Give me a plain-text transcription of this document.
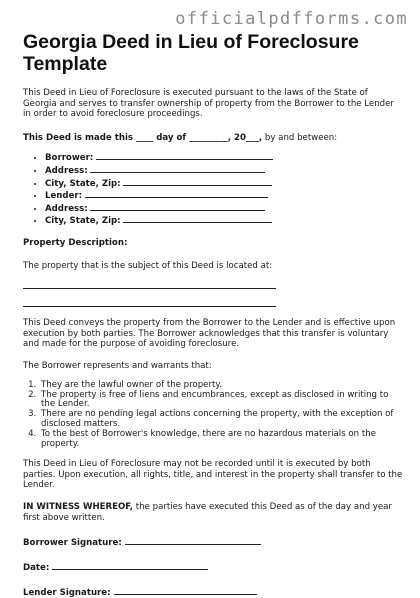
officialpdfforms.com
Georgia Deed in Lieu of Foreclosure Template

This Deed in Lieu of Foreclosure is executed pursuant to the laws of the State of Georgia and serves to transfer ownership of property from the Borrower to the Lender in order to avoid foreclosure proceedings.

This Deed is made this ____ day of _________, 20___, by and between:

• Borrower:
• Address:
• City, State, Zip:
• Lender:
• Address:
• City, State, Zip:

Property Description:

The property that is the subject of this Deed is located at:

This Deed conveys the property from the Borrower to the Lender and is effective upon execution by both parties. The Borrower acknowledges that this transfer is voluntary and made for the purpose of avoiding foreclosure.

The Borrower represents and warrants that:

1. They are the lawful owner of the property.
2. The property is free of liens and encumbrances, except as disclosed in writing to the Lender.
3. There are no pending legal actions concerning the property, with the exception of disclosed matters.
4. To the best of Borrower's knowledge, there are no hazardous materials on the property.

This Deed in Lieu of Foreclosure may not be recorded until it is executed by both parties. Upon execution, all rights, title, and interest in the property shall transfer to the Lender.

IN WITNESS WHEREOF, the parties have executed this Deed as of the day and year first above written.

Borrower Signature:
Date:
Lender Signature:
